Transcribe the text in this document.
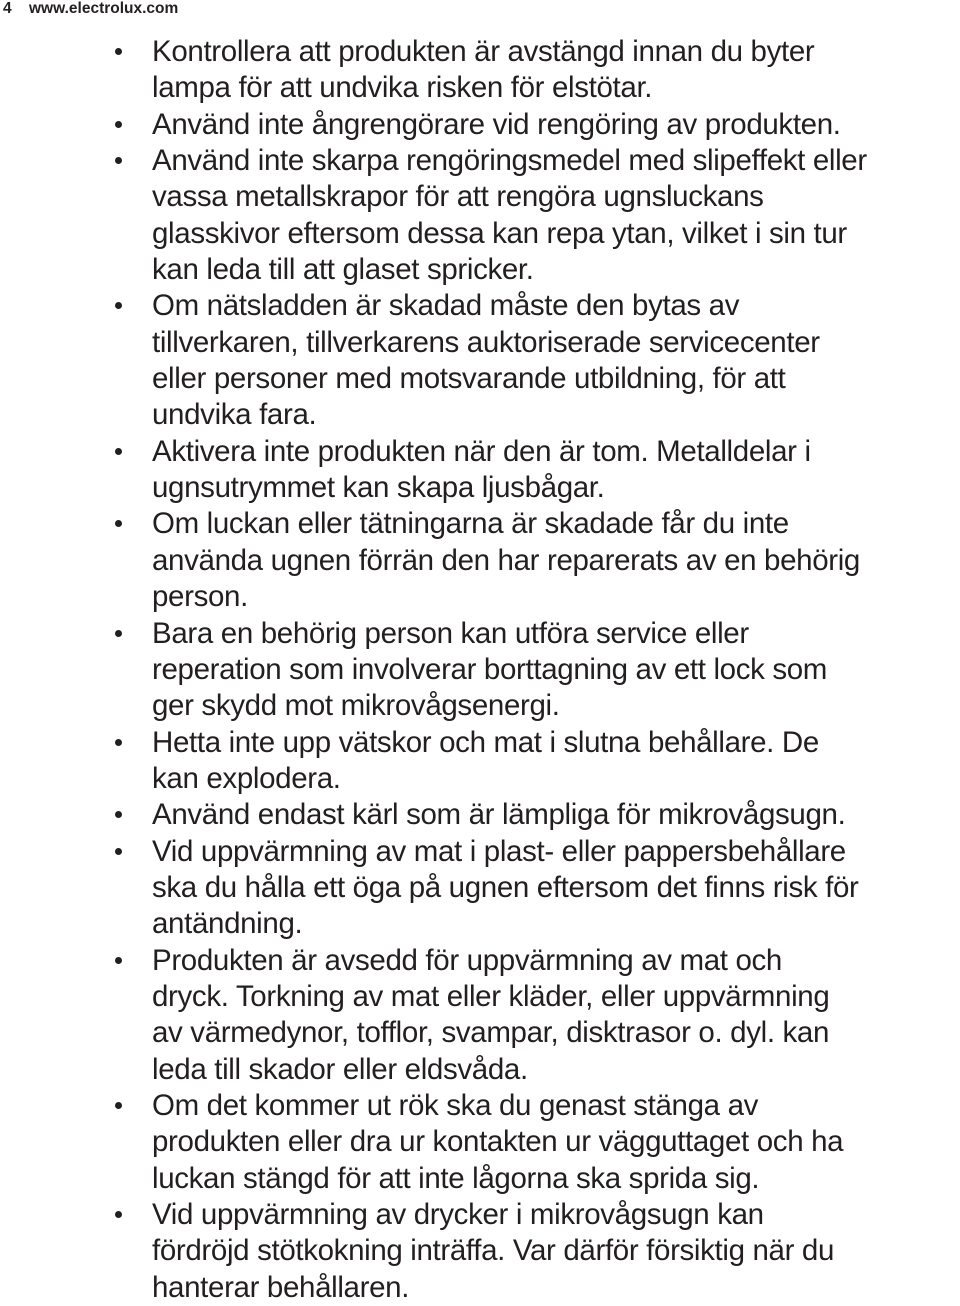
4 www.electrolux.com
Kontrollera att produkten är avstängd innan du byter
lampa för att undvika risken för elstötar.
Använd inte ångrengörare vid rengöring av produkten.
Använd inte skarpa rengöringsmedel med slipeffekt eller
vassa metallskrapor för att rengöra ugnsluckans
glasskivor eftersom dessa kan repa ytan, vilket i sin tur
kan leda till att glaset spricker.
Om nätsladden är skadad måste den bytas av
tillverkaren, tillverkarens auktoriserade servicecenter
eller personer med motsvarande utbildning, för att
undvika fara.
Aktivera inte produkten när den är tom. Metalldelar i
ugnsutrymmet kan skapa ljusbågar.
Om luckan eller tätningarna är skadade får du inte
använda ugnen förrän den har reparerats av en behörig
person.
Bara en behörig person kan utföra service eller
reperation som involverar borttagning av ett lock som
ger skydd mot mikrovågsenergi.
Hetta inte upp vätskor och mat i slutna behållare. De
kan explodera.
Använd endast kärl som är lämpliga för mikrovågsugn.
Vid uppvärmning av mat i plast- eller pappersbehållare
ska du hålla ett öga på ugnen eftersom det finns risk för
antändning.
Produkten är avsedd för uppvärmning av mat och
dryck. Torkning av mat eller kläder, eller uppvärmning
av värmedynor, tofflor, svampar, disktrasor o. dyl. kan
leda till skador eller eldsvåda.
Om det kommer ut rök ska du genast stänga av
produkten eller dra ur kontakten ur vägguttaget och ha
luckan stängd för att inte lågorna ska sprida sig.
Vid uppvärmning av drycker i mikrovågsugn kan
fördröjd stötkokning inträffa. Var därför försiktig när du
hanterar behållaren.
